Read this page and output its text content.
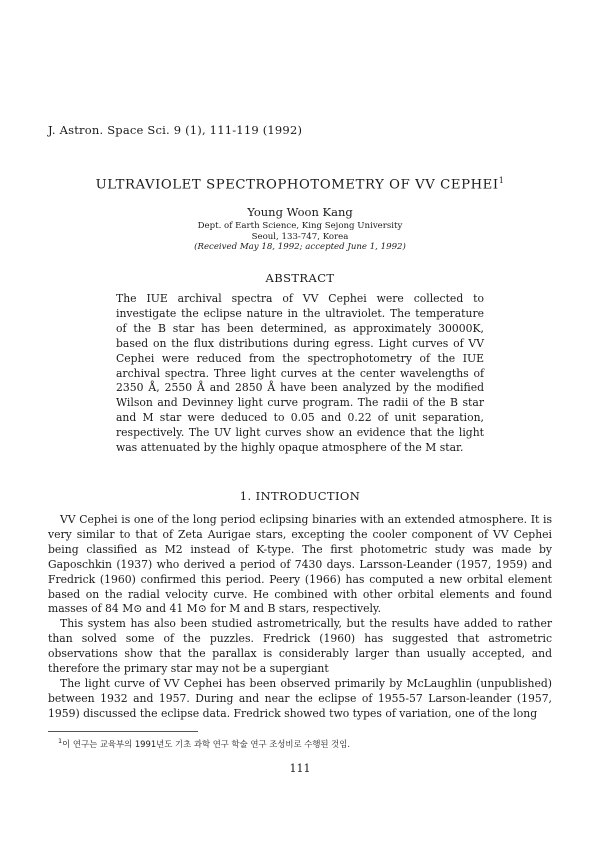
J. Astron. Space Sci. 9 (1), 111-119 (1992)
ULTRAVIOLET SPECTROPHOTOMETRY OF VV CEPHEI$^1$
Young Woon Kang
Dept. of Earth Science, King Sejong University
Seoul, 133-747, Korea
(Received May 18, 1992; accepted June 1, 1992)
ABSTRACT
The IUE archival spectra of VV Cephei were collected to investigate the eclipse nature in the ultraviolet. The temperature of the B star has been determined, as approximately 30000K, based on the flux distributions during egress. Light curves of VV Cephei were reduced from the spectrophotometry of the IUE archival spectra. Three light curves at the center wavelengths of 2350 Å, 2550 Å and 2850 Å have been analyzed by the modified Wilson and Devinney light curve program. The radii of the B star and M star were deduced to 0.05 and 0.22 of unit separation, respectively. The UV light curves show an evidence that the light was attenuated by the highly opaque atmosphere of the M star.
1. INTRODUCTION

VV Cephei is one of the long period eclipsing binaries with an extended atmosphere. It is very similar to that of Zeta Aurigae stars, excepting the cooler component of VV Cephei being classified as M2 instead of K-type. The first photometric study was made by Gaposchkin (1937) who derived a period of 7430 days. Larsson-Leander (1957, 1959) and Fredrick (1960) confirmed this period. Peery (1966) has computed a new orbital element based on the radial velocity curve. He combined with other orbital elements and found masses of 84 M⊙ and 41 M⊙ for M and B stars, respectively.

This system has also been studied astrometrically, but the results have added to rather than solved some of the puzzles. Fredrick (1960) has suggested that astrometric observations show that the parallax is considerably larger than usually accepted, and therefore the primary star may not be a supergiant

The light curve of VV Cephei has been observed primarily by McLaughlin (unpublished) between 1932 and 1957. During and near the eclipse of 1955-57 Larson-leander (1957, 1959) discussed the eclipse data. Fredrick showed two types of variation, one of the long

$^1$이 연구는 교육부의 1991년도 기초 과학 연구 학술 연구 조성비로 수행된 것임.
111
